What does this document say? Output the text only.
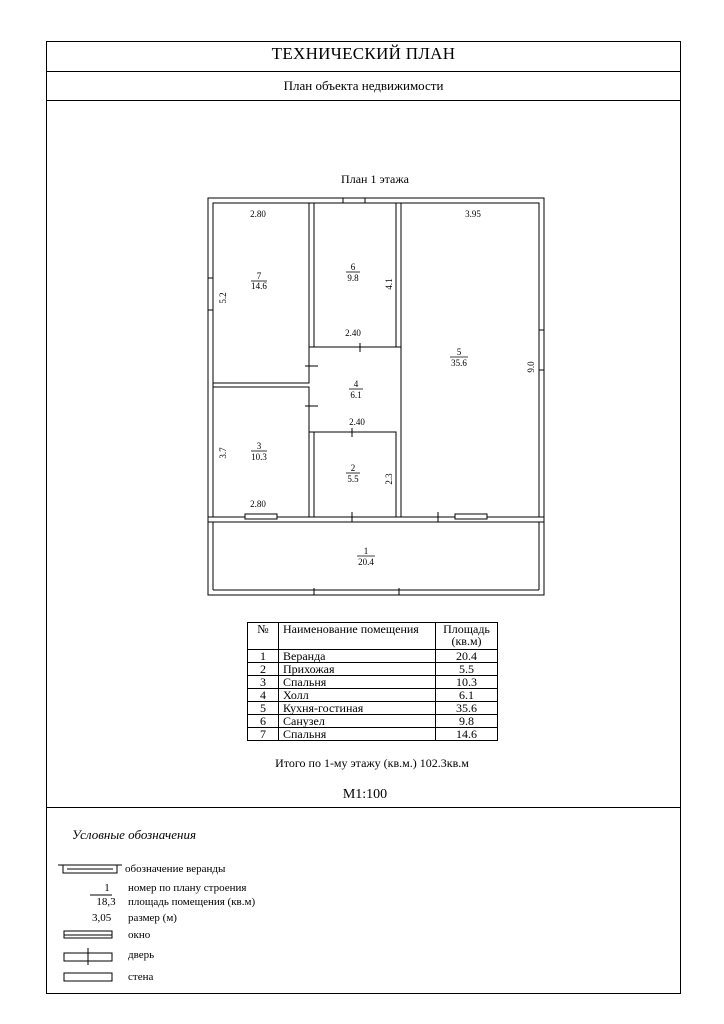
ТЕХНИЧЕСКИЙ ПЛАН
План объекта недвижимости
План 1 этажа
7
14.6
6
9.8
5
35.6
4
6.1
3
10.3
2
5.5
1
20.4
2.80
5.2
4.1
2.40
3.95
9.0
2.40
2.3
3.7
2.80
№	Наименование помещения	Площадь
(кв.м)
1	Веранда	20.4
2	Прихожая	5.5
3	Спальня	10.3
4	Холл	6.1
5	Кухня-гостиная	35.6
6	Санузел	9.8
7	Спальня	14.6
Итого по 1-му этажу (кв.м.) 102.3кв.м
М1:100
Условные обозначения
обозначение веранды
1
18,3
номер по плану строения
площадь помещения (кв.м)
3,05 размер (м)
окно
дверь
стена
